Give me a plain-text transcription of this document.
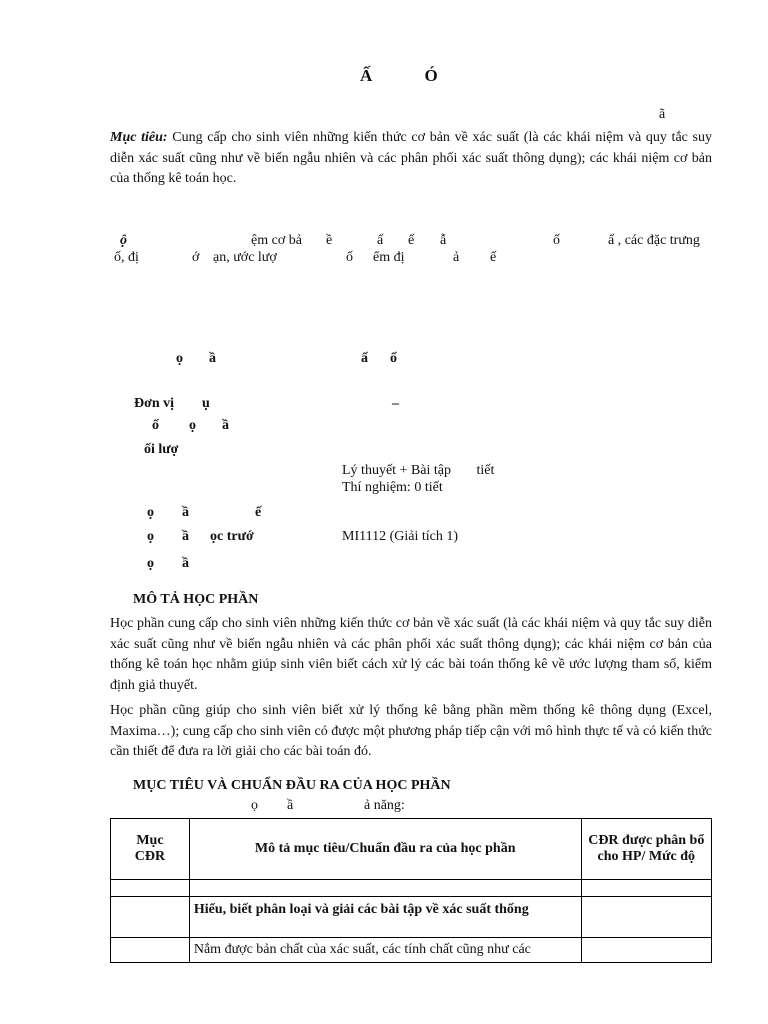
Ấ Ó
ã
Mục tiêu: Cung cấp cho sinh viên những kiến thức cơ bản về xác suất (là các khái niệm và quy tắc suy diễn xác suất cũng như về biến ngẫu nhiên và các phân phối xác suất thông dụng); các khái niệm cơ bản của thống kê toán học.
ộ	ệm cơ bả ề	ấ ế ẫ	ố	ấ , các đặc trưng
ố, đị	ớ ạn, ước lượ	ố ểm đị	ả ế
ọ ầ	ấ ố
Đơn vị ụ	–
ố ọ ầ
ối lượ
Lý thuyết + Bài tập tiết
Thí nghiệm: 0 tiết
ọ ầ	ế
ọ ầ ọc trướ	MI1112 (Giải tích 1)
ọ ầ
MÔ TẢ HỌC PHẦN
Học phần cung cấp cho sinh viên những kiến thức cơ bản về xác suất (là các khái niệm và quy tắc suy diễn xác suất cũng như về biến ngẫu nhiên và các phân phối xác suất thông dụng); các khái niệm cơ bản của thống kê toán học nhằm giúp sinh viên biết cách xử lý các bài toán thống kê về ước lượng tham số, kiểm định giả thuyết.
Học phần cũng giúp cho sinh viên biết xử lý thống kê bằng phần mềm thống kê thông dụng (Excel, Maxima…); cung cấp cho sinh viên có được một phương pháp tiếp cận với mô hình thực tế và có kiến thức cần thiết để đưa ra lời giải cho các bài toán đó.
MỤC TIÊU VÀ CHUẨN ĐẦU RA CỦA HỌC PHẦN
ọ ầ	ả năng:
Mục CĐR	Mô tả mục tiêu/Chuẩn đầu ra của học phần	CĐR được phân bổ cho HP/ Mức độ

	Hiểu, biết phân loại và giải các bài tập về xác suất thống	
	Nắm được bản chất của xác suất, các tính chất cũng như các	
